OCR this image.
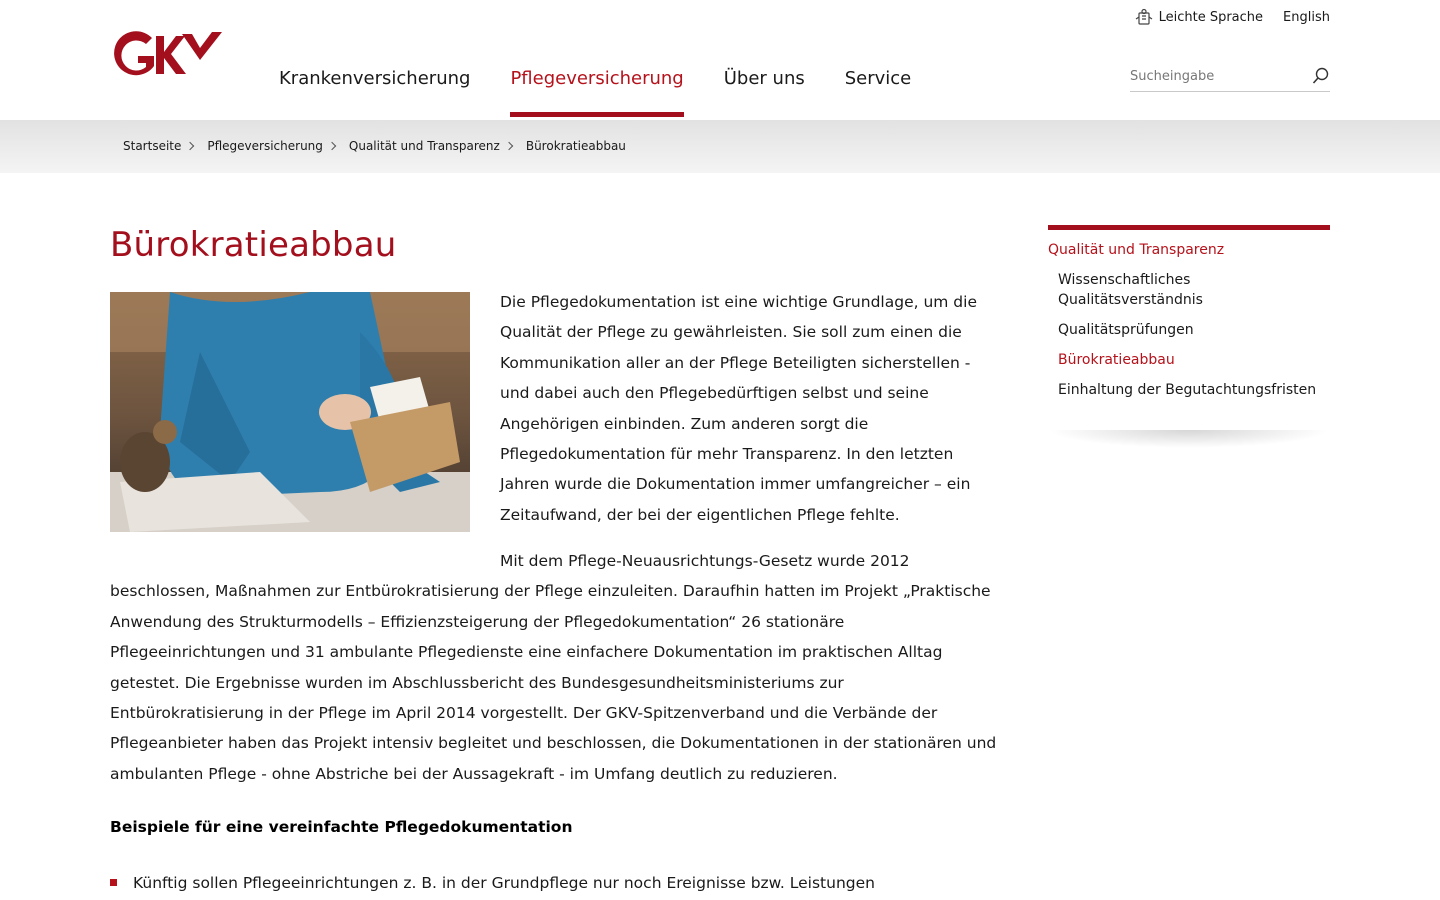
Leichte Sprache English
Krankenversicherung Pflegeversicherung Über uns Service
Sucheingabe
Startseite Pflegeversicherung Qualität und Transparenz Bürokratieabbau
Bürokratieabbau

Die Pflegedokumentation ist eine wichtige Grundlage, um die Qualität der Pflege zu gewährleisten. Sie soll zum einen die Kommunikation aller an der Pflege Beteiligten sicherstellen - und dabei auch den Pflegebedürftigen selbst und seine Angehörigen einbinden. Zum anderen sorgt die Pflegedokumentation für mehr Transparenz. In den letzten Jahren wurde die Dokumentation immer umfangreicher – ein Zeitaufwand, der bei der eigentlichen Pflege fehlte.

Mit dem Pflege-Neuausrichtungs-Gesetz wurde 2012 beschlossen, Maßnahmen zur Entbürokratisierung der Pflege einzuleiten. Daraufhin hatten im Projekt „Praktische Anwendung des Strukturmodells – Effizienzsteigerung der Pflegedokumentation“ 26 stationäre Pflegeeinrichtungen und 31 ambulante Pflegedienste eine einfachere Dokumentation im praktischen Alltag getestet. Die Ergebnisse wurden im Abschlussbericht des Bundesgesundheitsministeriums zur Entbürokratisierung in der Pflege im April 2014 vorgestellt. Der GKV-Spitzenverband und die Verbände der Pflegeanbieter haben das Projekt intensiv begleitet und beschlossen, die Dokumentationen in der stationären und ambulanten Pflege - ohne Abstriche bei der Aussagekraft - im Umfang deutlich zu reduzieren.

Beispiele für eine vereinfachte Pflegedokumentation
Künftig sollen Pflegeeinrichtungen z. B. in der Grundpflege nur noch Ereignisse bzw. Leistungen
Qualität und Transparenz
Wissenschaftliches Qualitätsverständnis
Qualitätsprüfungen
Bürokratieabbau
Einhaltung der Begutachtungsfristen
